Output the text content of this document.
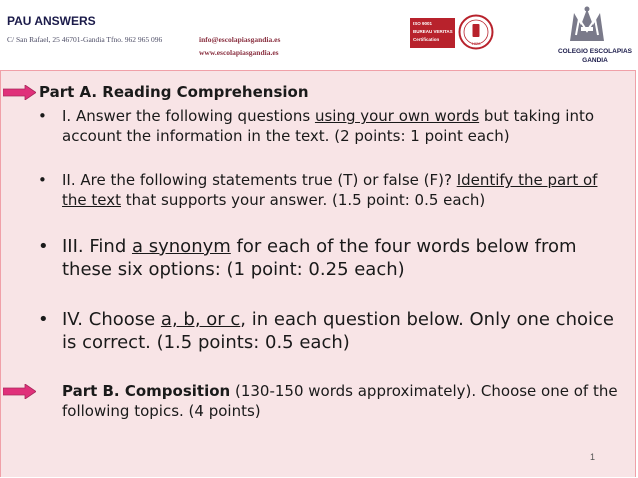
PAU ANSWERS
C/ San Rafael, 25 46701-Gandia Tfno. 962 965 096	info@escolapiasgandia.es
www.escolapiasgandia.es
ISO 9001
BUREAU VERITAS
Certification
1828
COLEGIO ESCOLAPIAS
GANDIA
Part A. Reading Comprehension
• I. Answer the following questions using your own words but taking into account the information in the text. (2 points: 1 point each)
• II. Are the following statements true (T) or false (F)? Identify the part of the text that supports your answer. (1.5 point: 0.5 each)
• III. Find a synonym for each of the four words below from these six options: (1 point: 0.25 each)
• IV. Choose a, b, or c, in each question below. Only one choice is correct. (1.5 points: 0.5 each)
Part B. Composition (130-150 words approximately). Choose one of the following topics. (4 points)
1
